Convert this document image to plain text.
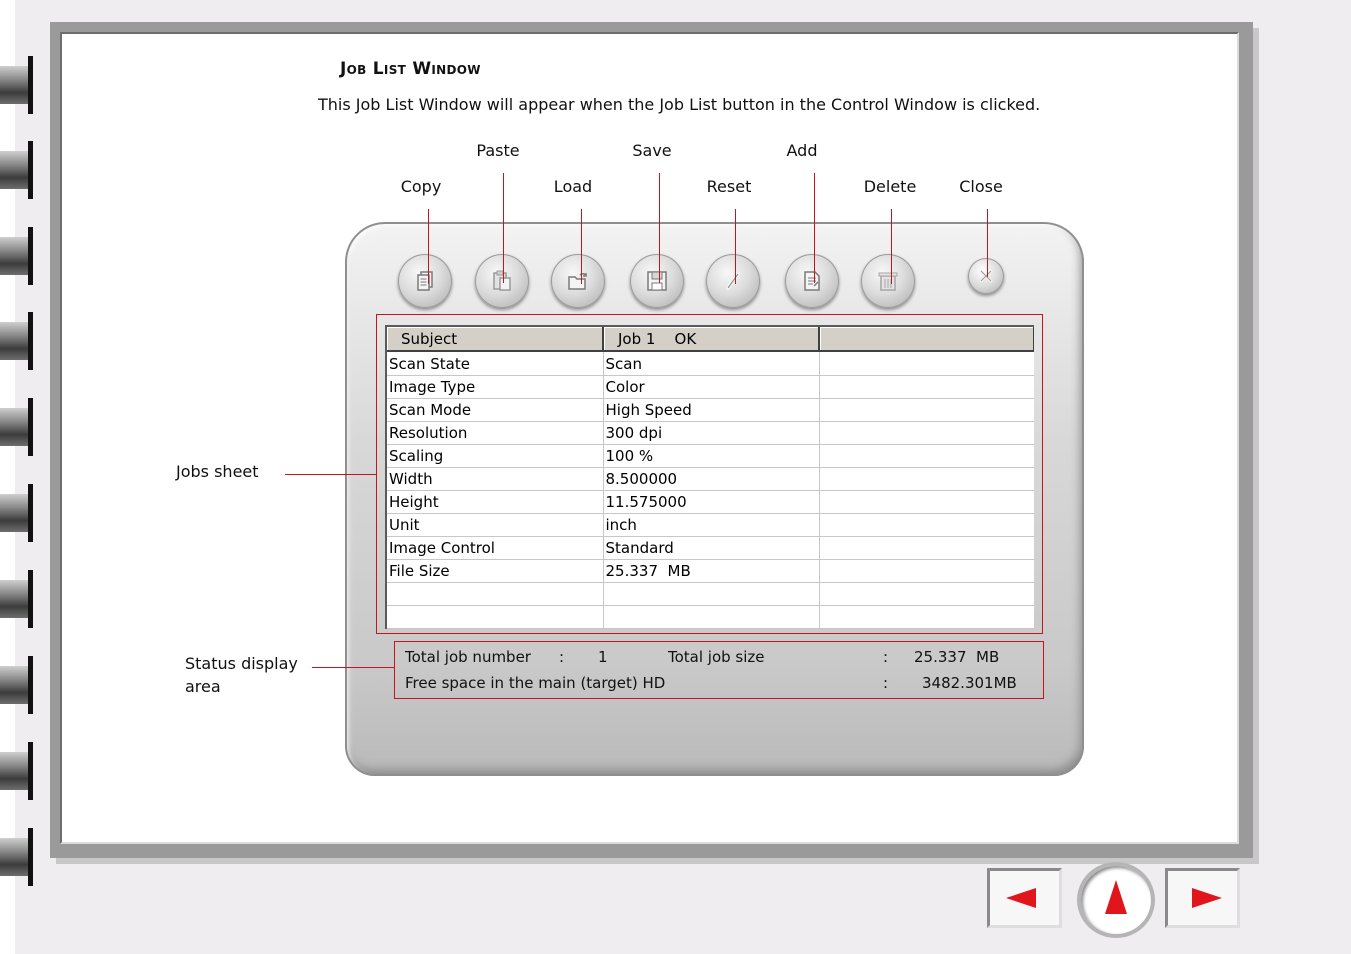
Job List Window
This Job List Window will appear when the Job List button in the Control Window is clicked.
Paste	Save	Add
Copy	Load	Reset	Delete	Close
Jobs sheet
Status display
area
Subject	Job 1    OK	
Scan State	Scan	
Image Type	Color	
Scan Mode	High Speed	
Resolution	300 dpi	
Scaling	100 %	
Width	8.500000	
Height	11.575000	
Unit	inch	
Image Control	Standard	
File Size	25.337  MB	

Total job number : 1	Total job size	: 25.337  MB
Free space in the main (target) HD	: 3482.301MB
